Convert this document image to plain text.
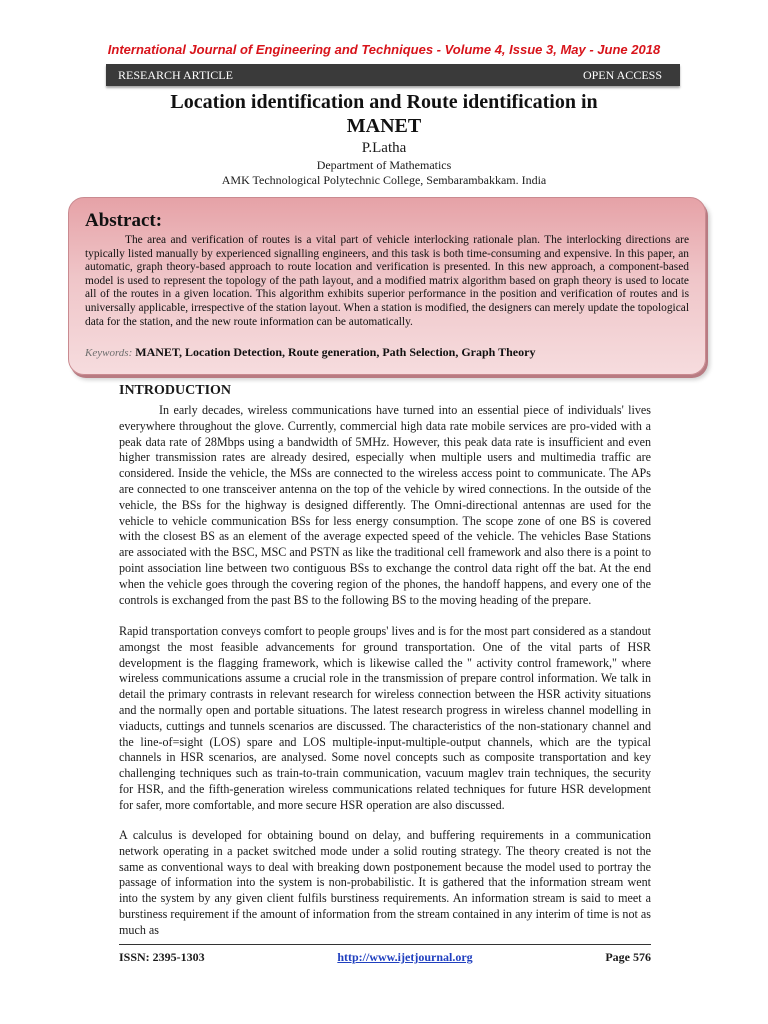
International Journal of Engineering and Techniques - Volume 4, Issue 3, May - June 2018
RESEARCH ARTICLE	OPEN ACCESS
Location identification and Route identification in
MANET
P.Latha
Department of Mathematics
AMK Technological Polytechnic College, Sembarambakkam. India
Abstract:
The area and verification of routes is a vital part of vehicle interlocking rationale plan. The interlocking directions are typically listed manually by experienced signalling engineers, and this task is both time-consuming and expensive. In this paper, an automatic, graph theory-based approach to route location and verification is presented. In this new approach, a component-based model is used to represent the topology of the path layout, and a modified matrix algorithm based on graph theory is used to locate all of the routes in a given location. This algorithm exhibits superior performance in the position and verification of routes and is universally applicable, irrespective of the station layout. When a station is modified, the designers can merely update the topological data for the station, and the new route information can be automatically.
Keywords: MANET, Location Detection, Route generation, Path Selection, Graph Theory
INTRODUCTION
In early decades, wireless communications have turned into an essential piece of individuals' lives everywhere throughout the glove. Currently, commercial high data rate mobile services are pro-vided with a peak data rate of 28Mbps using a bandwidth of 5MHz. However, this peak data rate is insufficient and even higher transmission rates are already desired, especially when multiple users and multimedia traffic are considered. Inside the vehicle, the MSs are connected to the wireless access point to communicate. The APs are connected to one transceiver antenna on the top of the vehicle by wired connections. In the outside of the vehicle, the BSs for the highway is designed differently. The Omni-directional antennas are used for the vehicle to vehicle communication BSs for less energy consumption. The scope zone of one BS is covered with the closest BS as an element of the average expected speed of the vehicle. The vehicles Base Stations are associated with the BSC, MSC and PSTN as like the traditional cell framework and also there is a point to point association line between two contiguous BSs to exchange the control data right off the bat. At the end when the vehicle goes through the covering region of the phones, the handoff happens, and every one of the controls is exchanged from the past BS to the following BS to the moving heading of the prepare.
Rapid transportation conveys comfort to people groups' lives and is for the most part considered as a standout amongst the most feasible advancements for ground transportation. One of the vital parts of HSR development is the flagging framework, which is likewise called the " activity control framework," where wireless communications assume a crucial role in the transmission of prepare control information. We talk in detail the primary contrasts in relevant research for wireless connection between the HSR activity situations and the normally open and portable situations. The latest research progress in wireless channel modelling in viaducts, cuttings and tunnels scenarios are discussed. The characteristics of the non-stationary channel and the line-of=sight (LOS) spare and LOS multiple-input-multiple-output channels, which are the typical channels in HSR scenarios, are analysed. Some novel concepts such as composite transportation and key challenging techniques such as train-to-train communication, vacuum maglev train techniques, the security for HSR, and the fifth-generation wireless communications related techniques for future HSR development for safer, more comfortable, and more secure HSR operation are also discussed.
A calculus is developed for obtaining bound on delay, and buffering requirements in a communication network operating in a packet switched mode under a solid routing strategy. The theory created is not the same as conventional ways to deal with breaking down postponement because the model used to portray the passage of information into the system is non-probabilistic. It is gathered that the information stream went into the system by any given client fulfils burstiness requirements. An information stream is said to meet a burstiness requirement if the amount of information from the stream contained in any interim of time is not as much as
ISSN: 2395-1303	http://www.ijetjournal.org	Page 576
